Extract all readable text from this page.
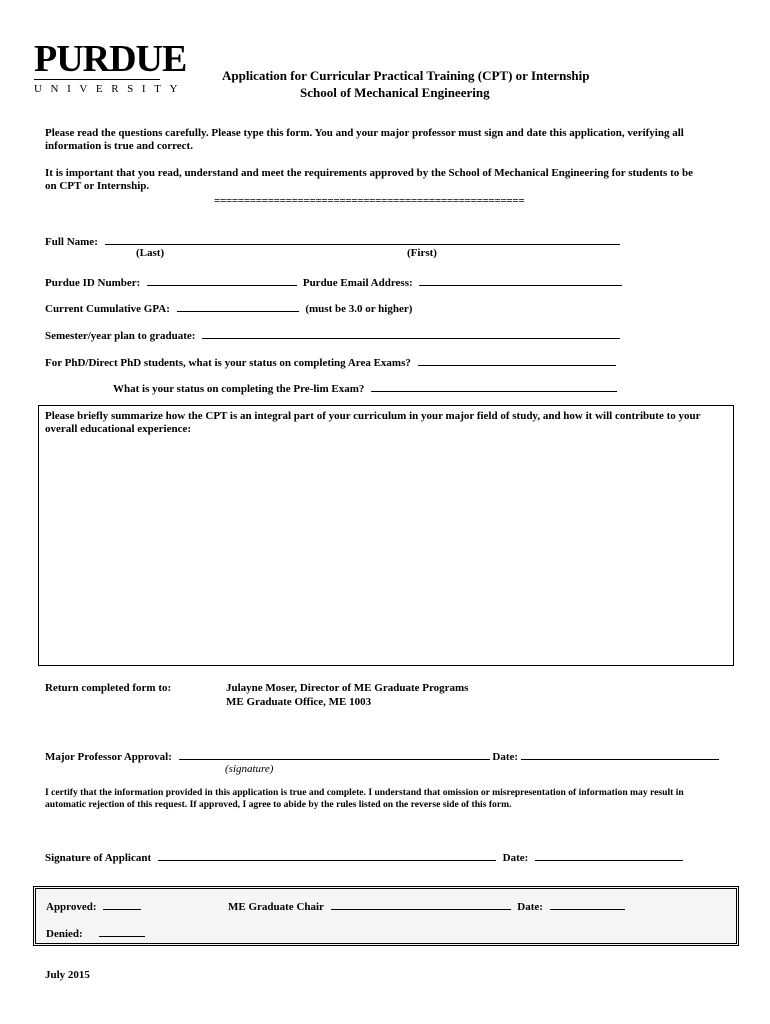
PURDUE
UNIVERSITY
Application for Curricular Practical Training (CPT) or Internship
School of Mechanical Engineering
Please read the questions carefully. Please type this form. You and your major professor must sign and date this application, verifying all
information is true and correct.
It is important that you read, understand and meet the requirements approved by the School of Mechanical Engineering for students to be
on CPT or Internship.
====================================================
Full Name:
(Last)	(First)
Purdue ID Number:	Purdue Email Address:
Current Cumulative GPA:	(must be 3.0 or higher)
Semester/year plan to graduate:
For PhD/Direct PhD students, what is your status on completing Area Exams?
What is your status on completing the Pre-lim Exam?
Please briefly summarize how the CPT is an integral part of your curriculum in your major field of study, and how it will contribute to your
overall educational experience:
Return completed form to:	Julayne Moser, Director of ME Graduate Programs
ME Graduate Office, ME 1003
Major Professor Approval:	Date:
(signature)
I certify that the information provided in this application is true and complete. I understand that omission or misrepresentation of information may result in
automatic rejection of this request. If approved, I agree to abide by the rules listed on the reverse side of this form.
Signature of Applicant	Date:
Approved:	ME Graduate Chair	Date:
Denied:
July 2015
